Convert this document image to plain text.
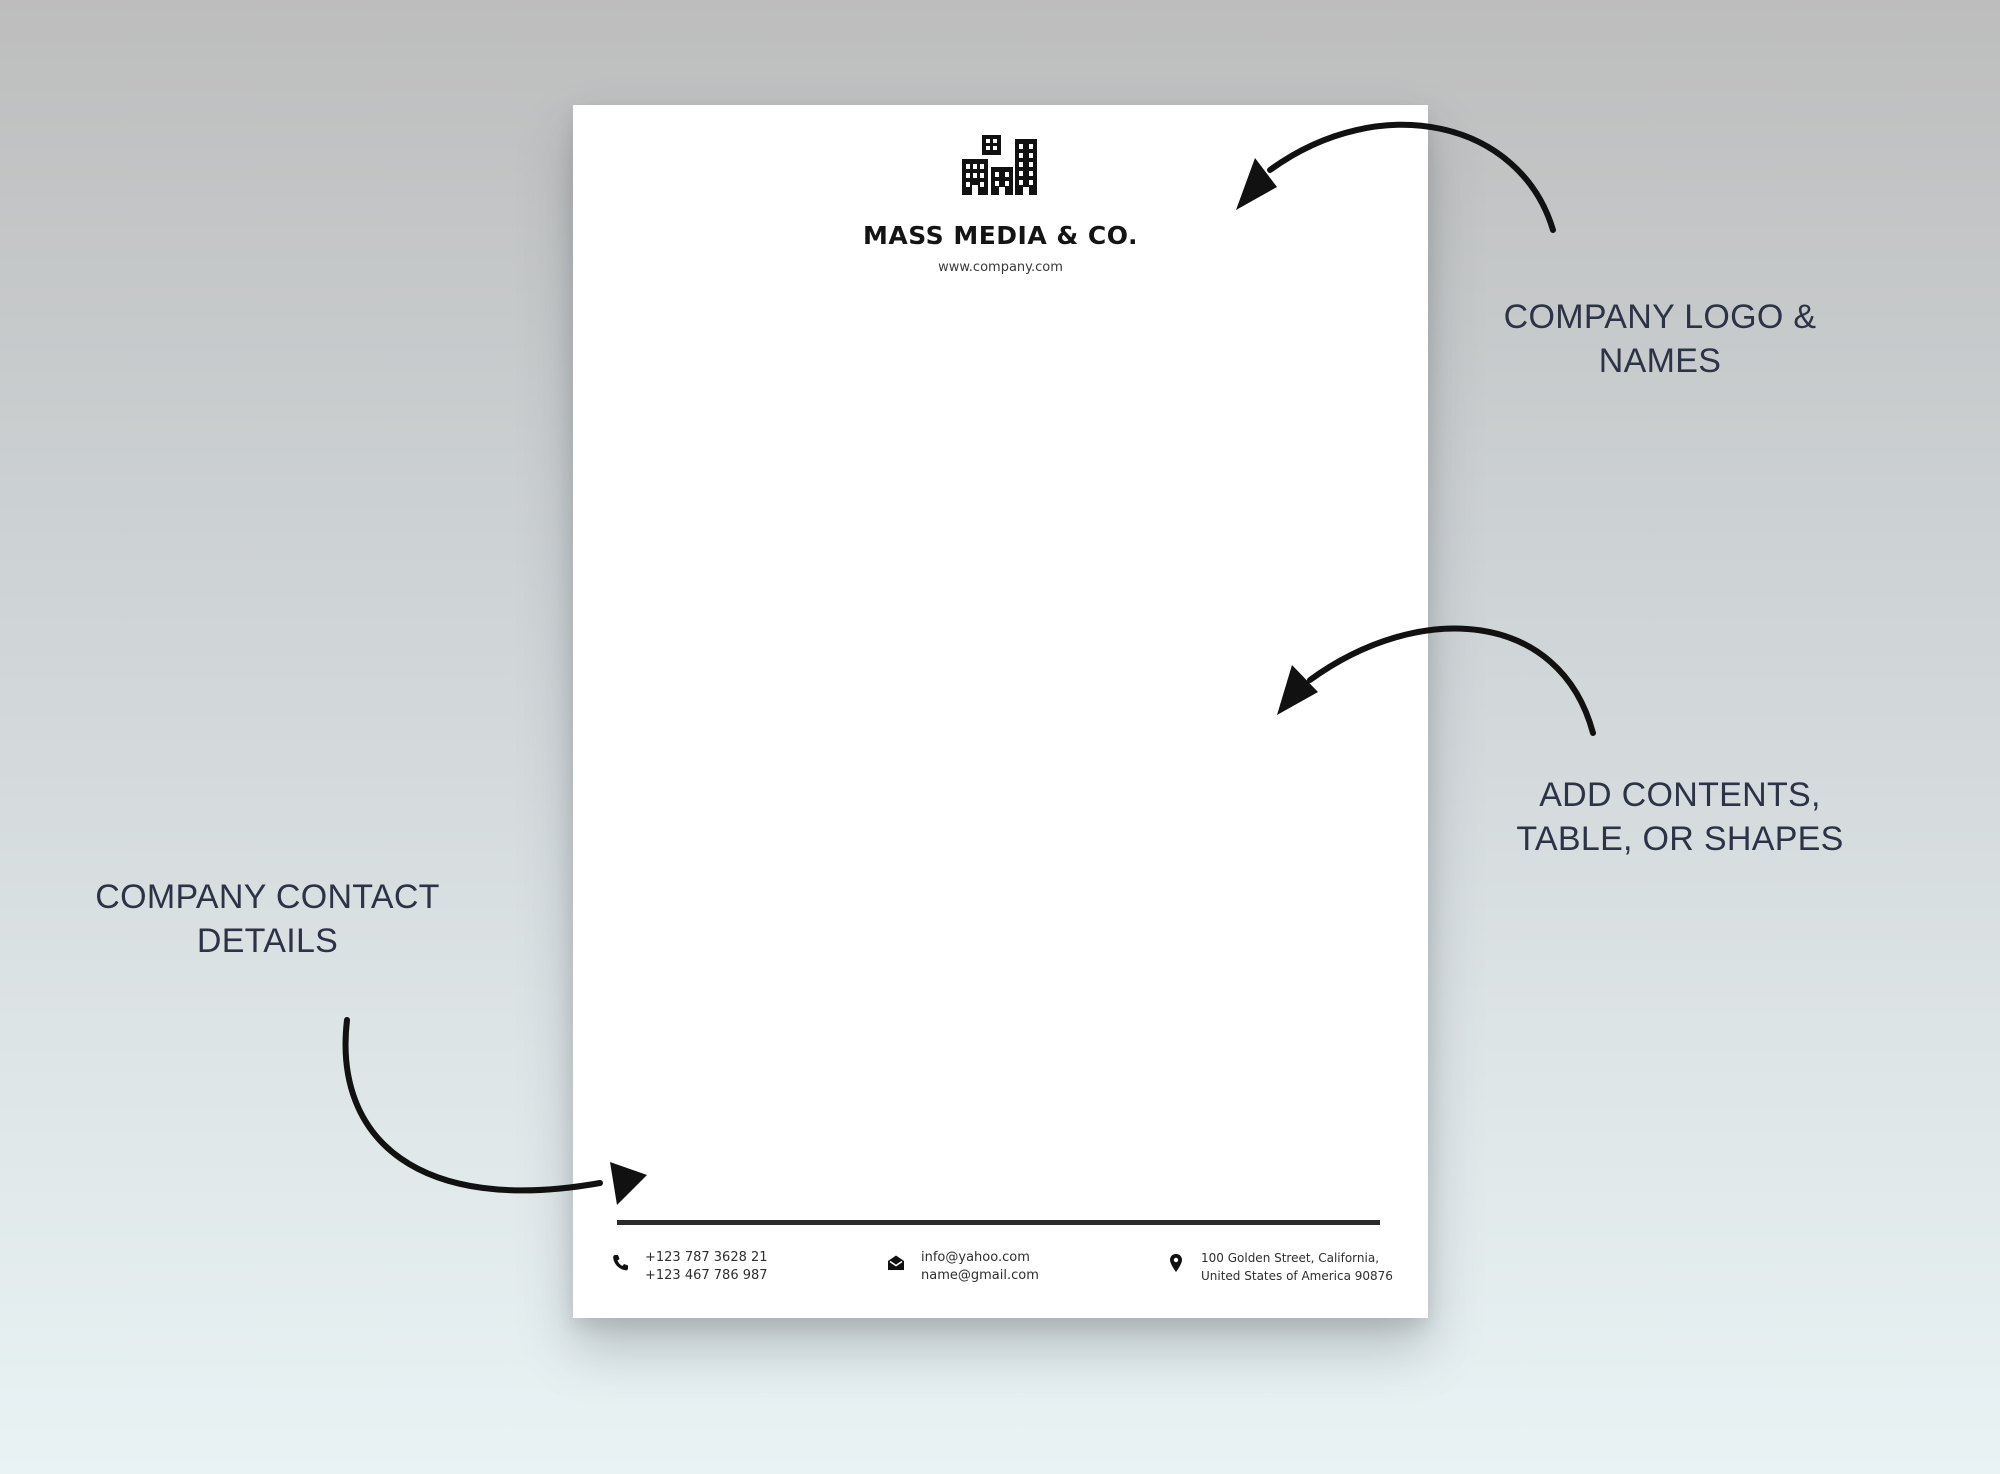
MASS MEDIA & CO.
www.company.com
+123 787 3628 21
+123 467 786 987
info@yahoo.com
name@gmail.com
100 Golden Street, California,
United States of America 90876
COMPANY LOGO &
NAMES
ADD CONTENTS,
TABLE, OR SHAPES
COMPANY CONTACT
DETAILS
